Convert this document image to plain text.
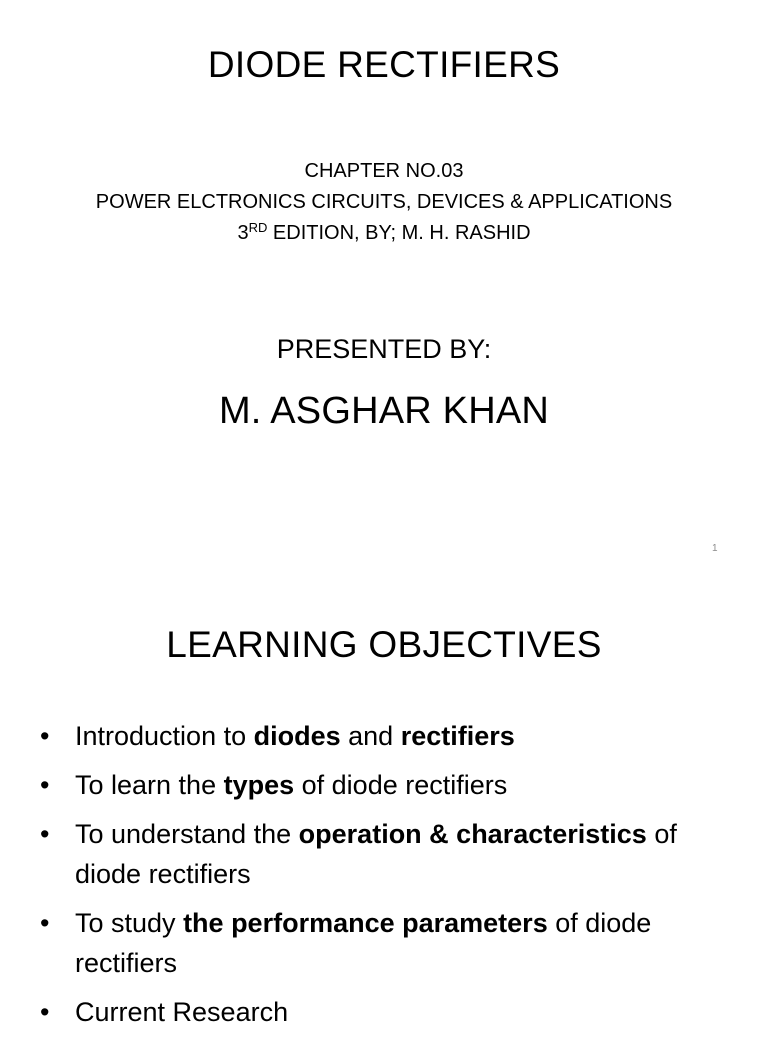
DIODE RECTIFIERS
CHAPTER NO.03
POWER ELCTRONICS CIRCUITS, DEVICES & APPLICATIONS
3RD EDITION, BY; M. H. RASHID
PRESENTED BY:
M. ASGHAR KHAN
1
LEARNING OBJECTIVES
• Introduction to diodes and rectifiers
• To learn the types of diode rectifiers
• To understand the operation & characteristics of diode rectifiers
• To study the performance parameters of diode rectifiers
• Current Research
